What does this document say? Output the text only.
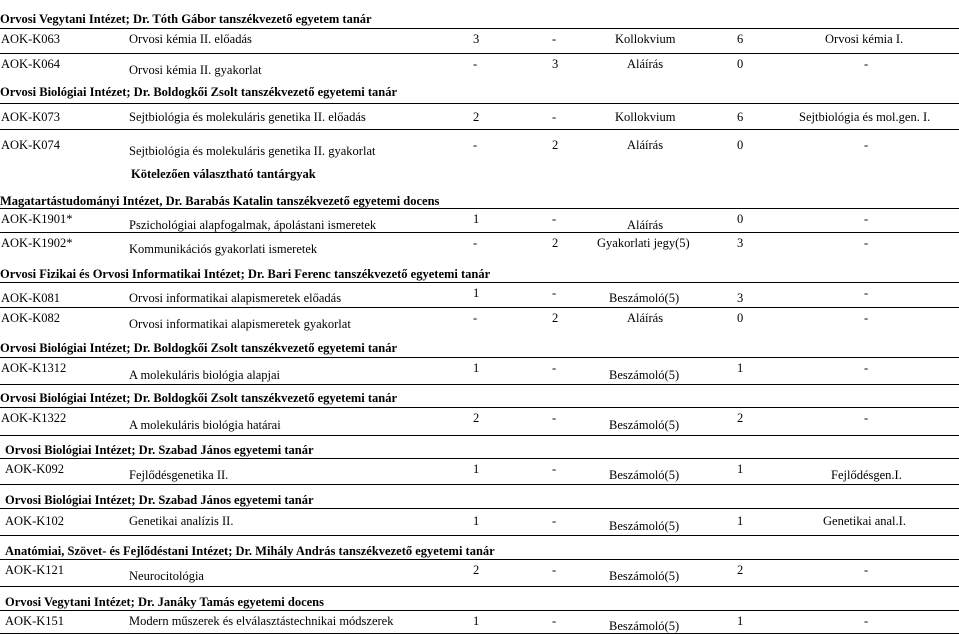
Orvosi Vegytani Intézet; Dr. Tóth Gábor tanszékvezető egyetem tanár
AOK-K063	Orvosi kémia II. előadás	3	-	Kollokvium	6	Orvosi kémia I.
AOK-K064	Orvosi kémia II. gyakorlat	-	3	Aláírás	0	-
Orvosi Biológiai Intézet; Dr. Boldogkői Zsolt tanszékvezető egyetemi tanár
AOK-K073	Sejtbiológia és molekuláris genetika II. előadás	2	-	Kollokvium	6	Sejtbiológia és mol.gen. I.
AOK-K074	Sejtbiológia és molekuláris genetika II. gyakorlat	-	2	Aláírás	0	-
Kötelezően választható tantárgyak
Magatartástudományi Intézet, Dr. Barabás Katalin tanszékvezető egyetemi docens
AOK-K1901*	Pszichológiai alapfogalmak, ápolástani ismeretek	1	-	Aláírás	0	-
AOK-K1902*	Kommunikációs gyakorlati ismeretek	-	2	Gyakorlati jegy(5)	3	-
Orvosi Fizikai és Orvosi Informatikai Intézet; Dr. Bari Ferenc tanszékvezető egyetemi tanár
AOK-K081	Orvosi informatikai alapismeretek előadás	1	-	Beszámoló(5)	3	-
AOK-K082	Orvosi informatikai alapismeretek gyakorlat	-	2	Aláírás	0	-
Orvosi Biológiai Intézet; Dr. Boldogkői Zsolt tanszékvezető egyetemi tanár
AOK-K1312	A molekuláris biológia alapjai	1	-	Beszámoló(5)	1	-
Orvosi Biológiai Intézet; Dr. Boldogkői Zsolt tanszékvezető egyetemi tanár
AOK-K1322	A molekuláris biológia határai	2	-	Beszámoló(5)	2	-
Orvosi Biológiai Intézet; Dr. Szabad János egyetemi tanár
AOK-K092	Fejlődésgenetika II.	1	-	Beszámoló(5)	1	Fejlődésgen.I.
Orvosi Biológiai Intézet; Dr. Szabad János egyetemi tanár
AOK-K102	Genetikai analízis II.	1	-	Beszámoló(5)	1	Genetikai anal.I.
Anatómiai, Szövet- és Fejlődéstani Intézet; Dr. Mihály András tanszékvezető egyetemi tanár
AOK-K121	Neurocitológia	2	-	Beszámoló(5)	2	-
Orvosi Vegytani Intézet; Dr. Janáky Tamás egyetemi docens
AOK-K151	Modern műszerek és elválasztástechnikai módszerek	1	-	Beszámoló(5)	1	-
